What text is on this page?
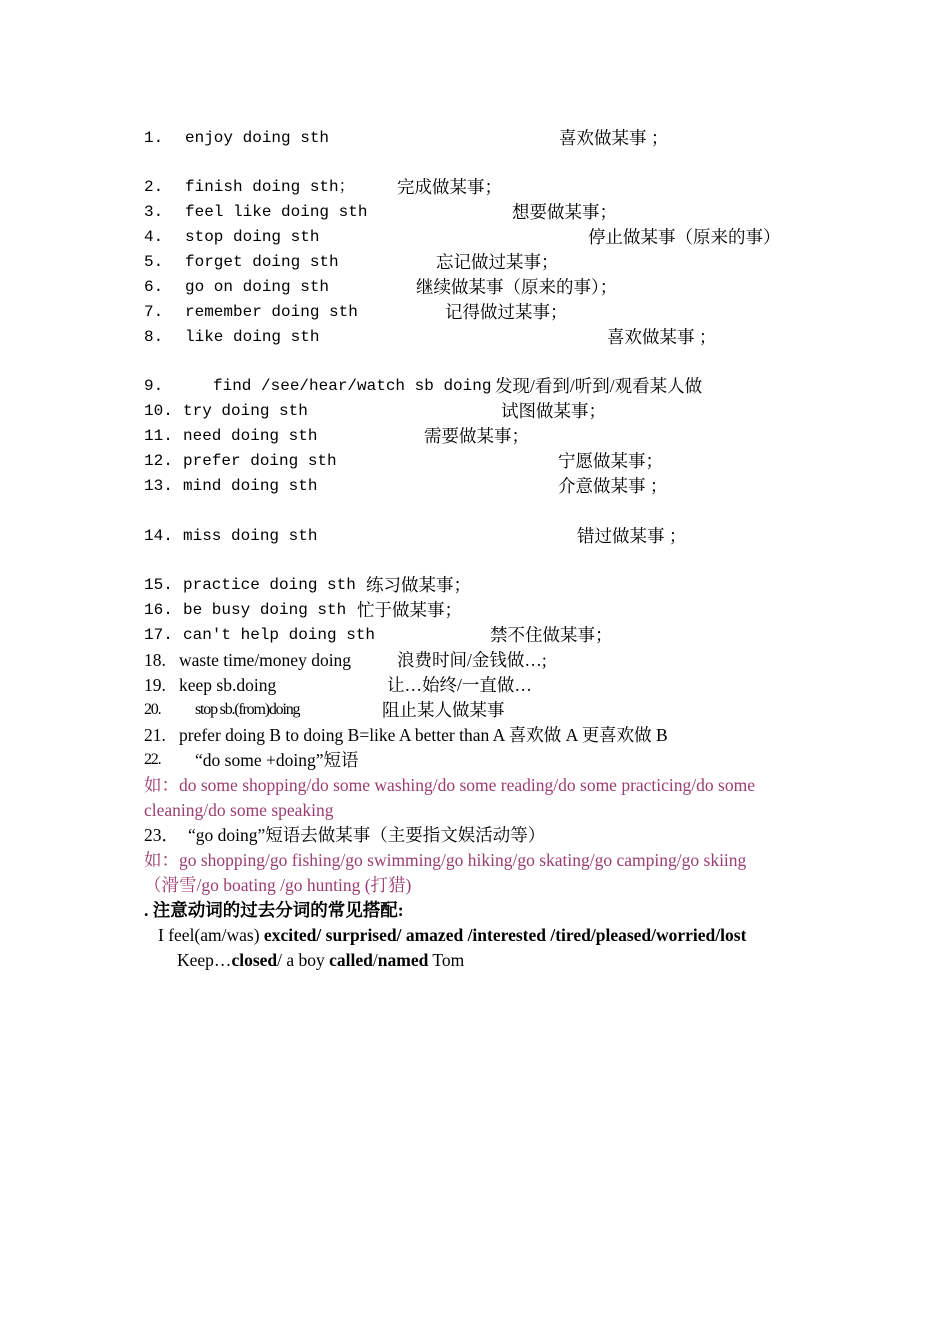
1. enjoy doing sth	喜欢做某事 ；
2. finish doing sth； 完成做某事；
3. feel like doing sth	想要做某事；
4. stop doing sth	停止做某事（原来的事）
5. forget doing sth	忘记做过某事；
6. go on doing sth	继续做某事（原来的事）；
7. remember doing sth	记得做过某事；
8. like doing sth	喜欢做某事 ；
9.	find /see/hear/watch sb doing 发现/看到/听到/观看某人做
10. try doing sth	试图做某事；
11. need doing sth	需要做某事；
12. prefer doing sth	宁愿做某事；
13. mind doing sth	介意做某事 ；
14. miss doing sth	错过做某事 ；
15. practice doing sth 练习做某事；
16. be busy doing sth 忙于做某事；
17. can't help doing sth	禁不住做某事；
18. waste time/money doing	浪费时间/金钱做…;
19. keep sb.doing	让…始终/一直做…
20. stop sb.(from)doing	阻止某人做某事
21. prefer doing B to doing B=like A better than A 喜欢做 A 更喜欢做 B
22. “do some +doing”短语
如：do some shopping/do some washing/do some reading/do some practicing/do some
cleaning/do some speaking
23． “go doing”短语去做某事（主要指文娱活动等）
如：go shopping/go fishing/go swimming/go hiking/go skating/go camping/go skiing
（滑雪/go boating /go hunting (打猎)
. 注意动词的过去分词的常见搭配:
I feel(am/was) excited/ surprised/ amazed /interested /tired/pleased/worried/lost
Keep…closed/ a boy called/named Tom
